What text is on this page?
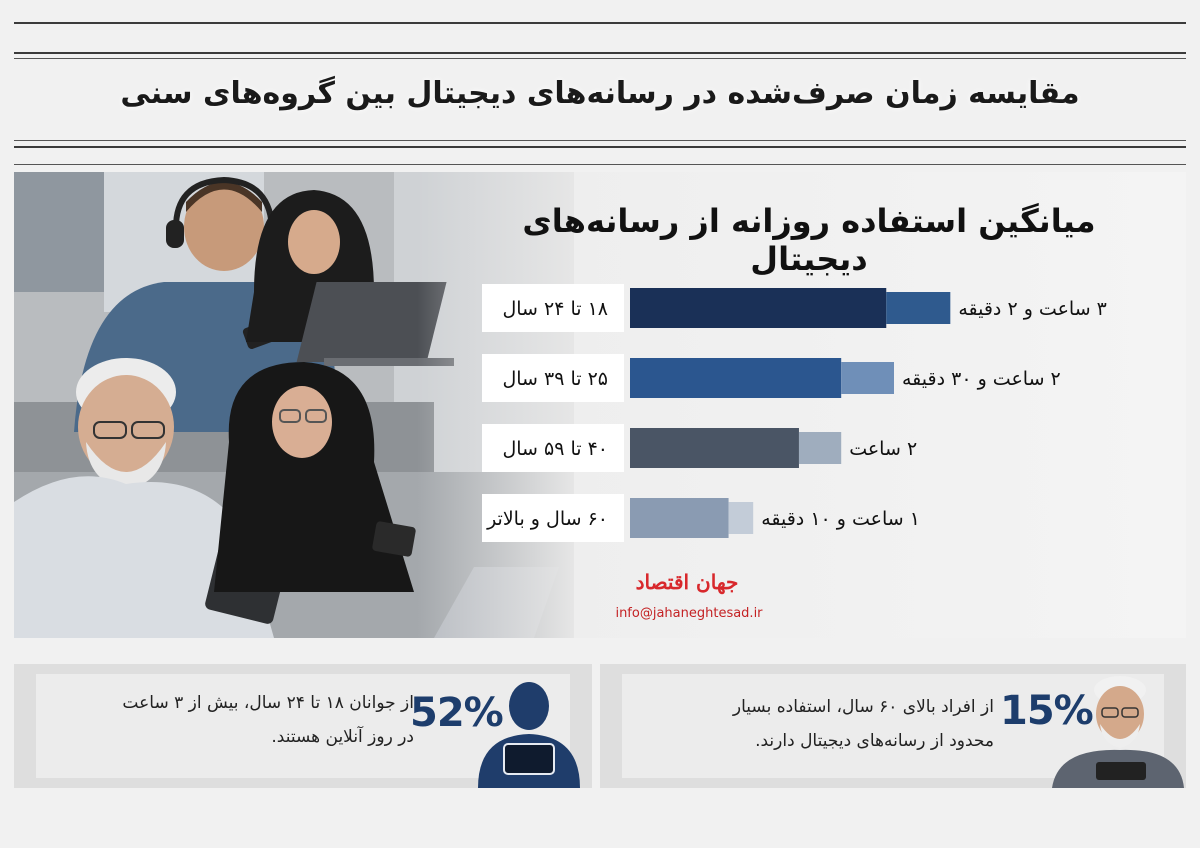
مقایسه زمان صرف‌شده در رسانه‌های دیجیتال بین گروه‌های سنی
میانگین استفاده روزانه از رسانه‌های دیجیتال
۱۸ تا ۲۴ سال	۳ ساعت و ۲ دقیقه
۲۵ تا ۳۹ سال	۲ ساعت و ۳۰ دقیقه
۴۰ تا ۵۹ سال	۲ ساعت
۶۰ سال و بالاتر	۱ ساعت و ۱۰ دقیقه
جهان اقتصاد
info@jahaneghtesad.ir
52%
از جوانان ۱۸ تا ۲۴ سال، بیش از ۳ ساعت
در روز آنلاین هستند.
15%
از افراد بالای ۶۰ سال، استفاده بسیار
محدود از رسانه‌های دیجیتال دارند.
